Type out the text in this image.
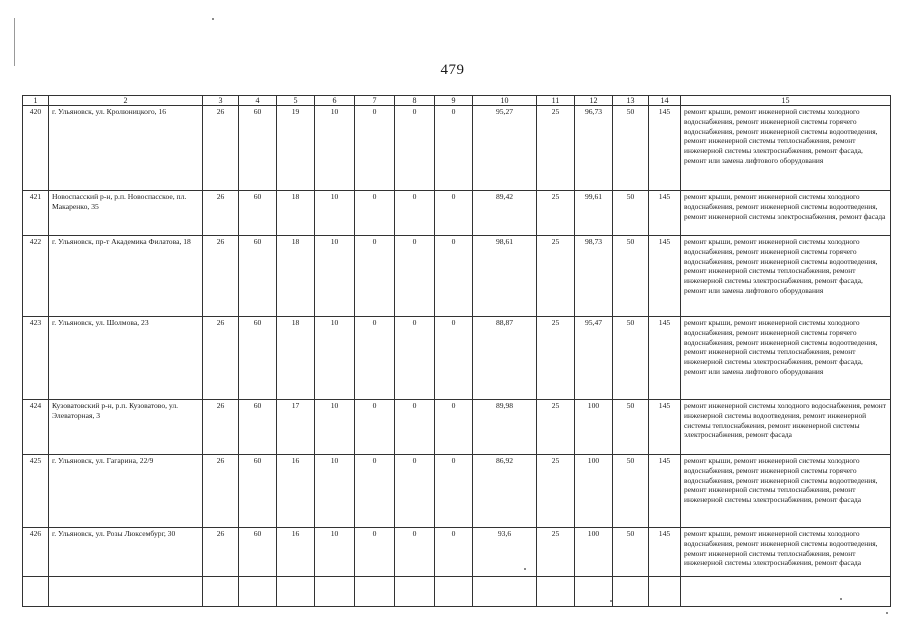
479
1	2	3	4	5	6	7	8	9	10	11	12	13	14	15
420	г. Ульяновск, ул. Кролюницкого, 16	26	60	19	10	0	0	0	95,27	25	96,73	50	145	ремонт крыши, ремонт инженерной системы холодного водоснабжения, ремонт инженерной системы горячего водоснабжения, ремонт инженерной системы водоотведения, ремонт инженерной системы теплоснабжения, ремонт инженерной системы электроснабжения, ремонт фасада, ремонт или замена лифтового оборудования
421	Новоспасский р-н, р.п. Новоспасское, пл. Макаренко, 35	26	60	18	10	0	0	0	89,42	25	99,61	50	145	ремонт крыши, ремонт инженерной системы холодного водоснабжения, ремонт инженерной системы водоотведения, ремонт инженерной системы электроснабжения, ремонт фасада
422	г. Ульяновск, пр-т Академика Филатова, 18	26	60	18	10	0	0	0	98,61	25	98,73	50	145	ремонт крыши, ремонт инженерной системы холодного водоснабжения, ремонт инженерной системы горячего водоснабжения, ремонт инженерной системы водоотведения, ремонт инженерной системы теплоснабжения, ремонт инженерной системы электроснабжения, ремонт фасада, ремонт или замена лифтового оборудования
423	г. Ульяновск, ул. Шолмова, 23	26	60	18	10	0	0	0	88,87	25	95,47	50	145	ремонт крыши, ремонт инженерной системы холодного водоснабжения, ремонт инженерной системы горячего водоснабжения, ремонт инженерной системы водоотведения, ремонт инженерной системы теплоснабжения, ремонт инженерной системы электроснабжения, ремонт фасада, ремонт или замена лифтового оборудования
424	Кузоватовский р-н, р.п. Кузоватово, ул. Элеваторная, 3	26	60	17	10	0	0	0	89,98	25	100	50	145	ремонт инженерной системы холодного водоснабжения, ремонт инженерной системы водоотведения, ремонт инженерной системы теплоснабжения, ремонт инженерной системы электроснабжения, ремонт фасада
425	г. Ульяновск, ул. Гагарина, 22/9	26	60	16	10	0	0	0	86,92	25	100	50	145	ремонт крыши, ремонт инженерной системы холодного водоснабжения, ремонт инженерной системы горячего водоснабжения, ремонт инженерной системы водоотведения, ремонт инженерной системы теплоснабжения, ремонт инженерной системы электроснабжения, ремонт фасада
426	г. Ульяновск, ул. Розы Люксембург, 30	26	60	16	10	0	0	0	93,6	25	100	50	145	ремонт крыши, ремонт инженерной системы холодного водоснабжения, ремонт инженерной системы водоотведения, ремонт инженерной системы теплоснабжения, ремонт инженерной системы электроснабжения, ремонт фасада
